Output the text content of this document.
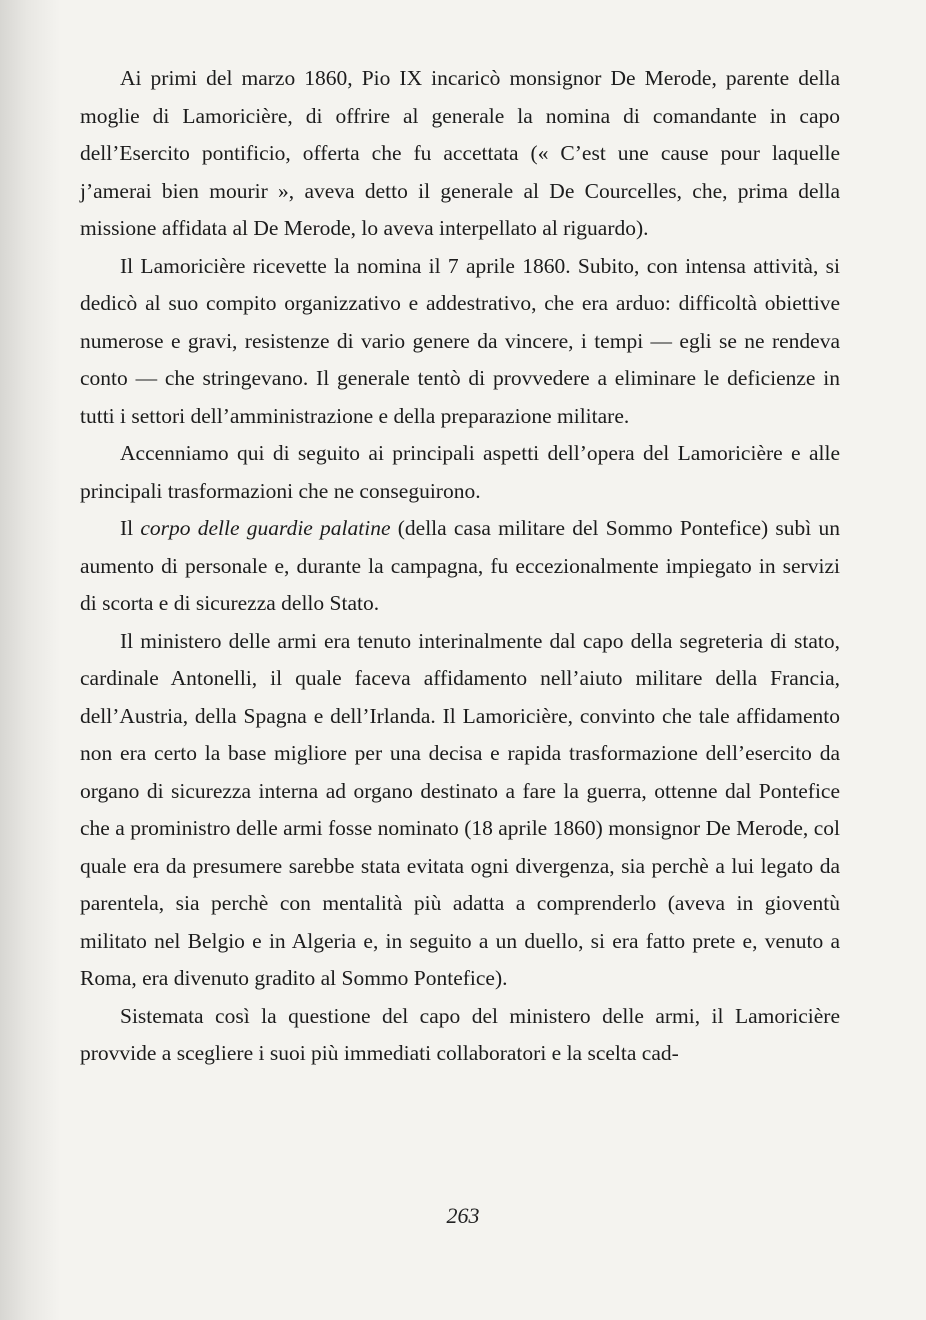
Ai primi del marzo 1860, Pio IX incaricò monsignor De Merode, parente della moglie di Lamoricière, di offrire al generale la nomina di comandante in capo dell’Esercito pontificio, offerta che fu accettata (« C’est une cause pour laquelle j’amerai bien mourir », aveva detto il generale al De Courcelles, che, prima della missione affidata al De Merode, lo aveva interpellato al riguardo).

Il Lamoricière ricevette la nomina il 7 aprile 1860. Subito, con intensa attività, si dedicò al suo compito organizzativo e addestrativo, che era arduo: difficoltà obiettive numerose e gravi, resistenze di vario genere da vincere, i tempi — egli se ne rendeva conto — che stringevano. Il generale tentò di provvedere a eliminare le deficienze in tutti i settori dell’amministrazione e della preparazione militare.

Accenniamo qui di seguito ai principali aspetti dell’opera del Lamoricière e alle principali trasformazioni che ne conseguirono.

Il corpo delle guardie palatine (della casa militare del Sommo Pontefice) subì un aumento di personale e, durante la campagna, fu eccezionalmente impiegato in servizi di scorta e di sicurezza dello Stato.

Il ministero delle armi era tenuto interinalmente dal capo della segreteria di stato, cardinale Antonelli, il quale faceva affidamento nell’aiuto militare della Francia, dell’Austria, della Spagna e dell’Irlanda. Il Lamoricière, convinto che tale affidamento non era certo la base migliore per una decisa e rapida trasformazione dell’esercito da organo di sicurezza interna ad organo destinato a fare la guerra, ottenne dal Pontefice che a proministro delle armi fosse nominato (18 aprile 1860) monsignor De Merode, col quale era da presumere sarebbe stata evitata ogni divergenza, sia perchè a lui legato da parentela, sia perchè con mentalità più adatta a comprenderlo (aveva in gioventù militato nel Belgio e in Algeria e, in seguito a un duello, si era fatto prete e, venuto a Roma, era divenuto gradito al Sommo Pontefice).

Sistemata così la questione del capo del ministero delle armi, il Lamoricière provvide a scegliere i suoi più immediati collaboratori e la scelta cad-

263
